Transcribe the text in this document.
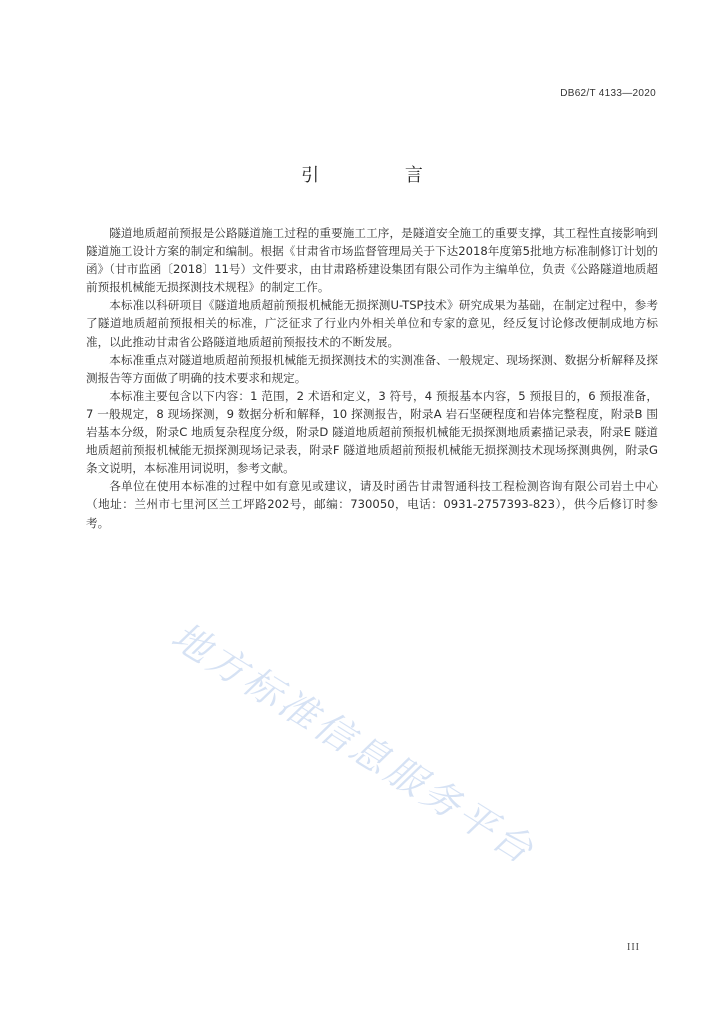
DB62/T 4133—2020
引 言

隧道地质超前预报是公路隧道施工过程的重要施工工序，是隧道安全施工的重要支撑，其工程性直接影响到隧道施工设计方案的制定和编制。根据《甘肃省市场监督管理局关于下达2018年度第5批地方标准制修订计划的函》（甘市监函〔2018〕11号）文件要求，由甘肃路桥建设集团有限公司作为主编单位，负责《公路隧道地质超前预报机械能无损探测技术规程》的制定工作。

本标准以科研项目《隧道地质超前预报机械能无损探测U-TSP技术》研究成果为基础，在制定过程中，参考了隧道地质超前预报相关的标准，广泛征求了行业内外相关单位和专家的意见，经反复讨论修改便制成地方标准，以此推动甘肃省公路隧道地质超前预报技术的不断发展。

本标准重点对隧道地质超前预报机械能无损探测技术的实测准备、一般规定、现场探测、数据分析解释及探测报告等方面做了明确的技术要求和规定。

本标准主要包含以下内容：1 范围，2 术语和定义，3 符号，4 预报基本内容，5 预报目的，6 预报准备，7 一般规定，8 现场探测，9 数据分析和解释，10 探测报告，附录A 岩石坚硬程度和岩体完整程度，附录B 围岩基本分级，附录C 地质复杂程度分级，附录D 隧道地质超前预报机械能无损探测地质素描记录表，附录E 隧道地质超前预报机械能无损探测现场记录表，附录F 隧道地质超前预报机械能无损探测技术现场探测典例，附录G 条文说明，本标准用词说明，参考文献。

各单位在使用本标准的过程中如有意见或建议，请及时函告甘肃智通科技工程检测咨询有限公司岩土中心（地址：兰州市七里河区兰工坪路202号，邮编：730050，电话：0931-2757393-823），供今后修订时参考。

地方标准信息服务平台
III
